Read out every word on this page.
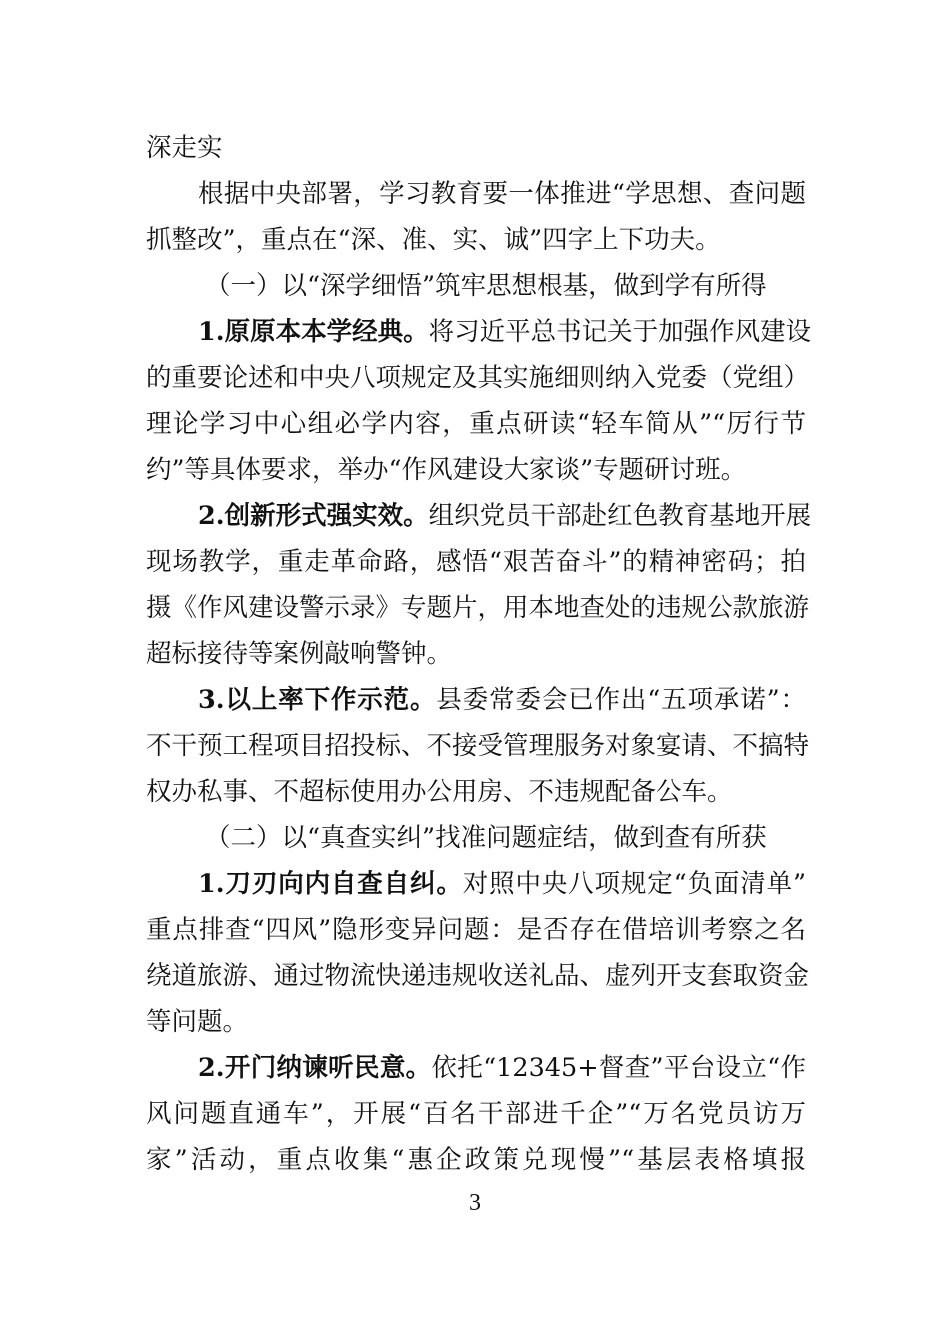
深走实
根据中央部署，学习教育要一体推进“学思想、查问题
抓整改”，重点在“深、准、实、诚”四字上下功夫。
（一）以“深学细悟”筑牢思想根基，做到学有所得
1.原原本本学经典。将习近平总书记关于加强作风建设
的重要论述和中央八项规定及其实施细则纳入党委（党组）
理论学习中心组必学内容，重点研读“轻车简从”“厉行节
约”等具体要求，举办“作风建设大家谈”专题研讨班。
2.创新形式强实效。组织党员干部赴红色教育基地开展
现场教学，重走革命路，感悟“艰苦奋斗”的精神密码；拍
摄《作风建设警示录》专题片，用本地查处的违规公款旅游
超标接待等案例敲响警钟。
3.以上率下作示范。县委常委会已作出“五项承诺”：
不干预工程项目招投标、不接受管理服务对象宴请、不搞特
权办私事、不超标使用办公用房、不违规配备公车。
（二）以“真查实纠”找准问题症结，做到查有所获
1.刀刃向内自查自纠。对照中央八项规定“负面清单”
重点排查“四风”隐形变异问题：是否存在借培训考察之名
绕道旅游、通过物流快递违规收送礼品、虚列开支套取资金
等问题。
2.开门纳谏听民意。依托“12345+督查”平台设立“作
风问题直通车”，开展“百名干部进千企”“万名党员访万
家”活动，重点收集“惠企政策兑现慢”“基层表格填报
3
